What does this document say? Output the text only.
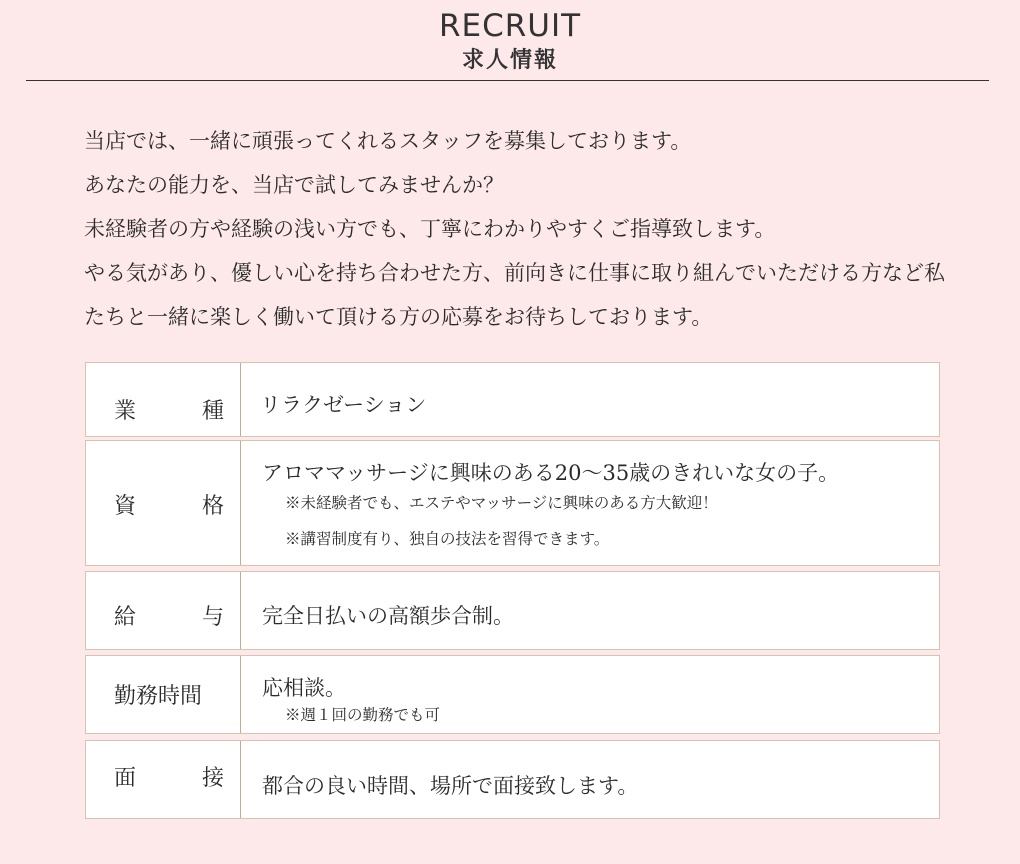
RECRUIT
求人情報
当店では、一緒に頑張ってくれるスタッフを募集しております。
あなたの能力を、当店で試してみませんか？
未経験者の方や経験の浅い方でも、丁寧にわかりやすくご指導致します。
やる気があり、優しい心を持ち合わせた方、前向きに仕事に取り組んでいただける方など私
たちと一緒に楽しく働いて頂ける方の応募をお待ちしております。
業　　　種 リラクゼーション
資　　　格
アロママッサージに興味のある20～35歳のきれいな女の子。
※未経験者でも、エステやマッサージに興味のある方大歓迎！
※講習制度有り、独自の技法を習得できます。
給　　　与 完全日払いの高額歩合制。
勤務時間	応相談。
※週１回の勤務でも可
面　　　接 都合の良い時間、場所で面接致します。
